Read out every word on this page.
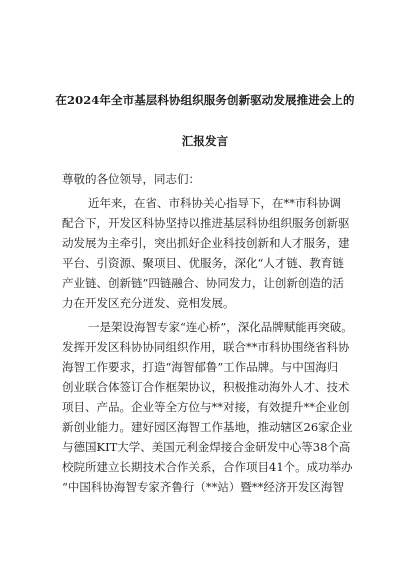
在2024年全市基层科协组织服务创新驱动发展推进会上的
汇报发言
尊敬的各位领导，同志们：
近年来，在省、市科协关心指导下，在**市科协调
配合下，开发区科协坚持以推进基层科协组织服务创新驱
动发展为主牵引，突出抓好企业科技创新和人才服务，建
平台、引资源、聚项目、优服务，深化“人才链、教育链
产业链、创新链”四链融合、协同发力，让创新创造的活
力在开发区充分迸发、竞相发展。
一是架设海智专家“连心桥”，深化品牌赋能再突破。
发挥开发区科协协同组织作用，联合**市科协围绕省科协
海智工作要求，打造“海智郁鲁”工作品牌。与中国海归
创业联合体签订合作框架协议，积极推动海外人才、技术
项目、产品。企业等全方位与**对接，有效提升**企业创
新创业能力。建好园区海智工作基地，推动辖区26家企业
与德国KIT大学、美国元利金焊接合金研发中心等38个高
校院所建立长期技术合作关系，合作项目41个。成功举办
“中国科协海智专家齐鲁行（**站）暨**经济开发区海智
